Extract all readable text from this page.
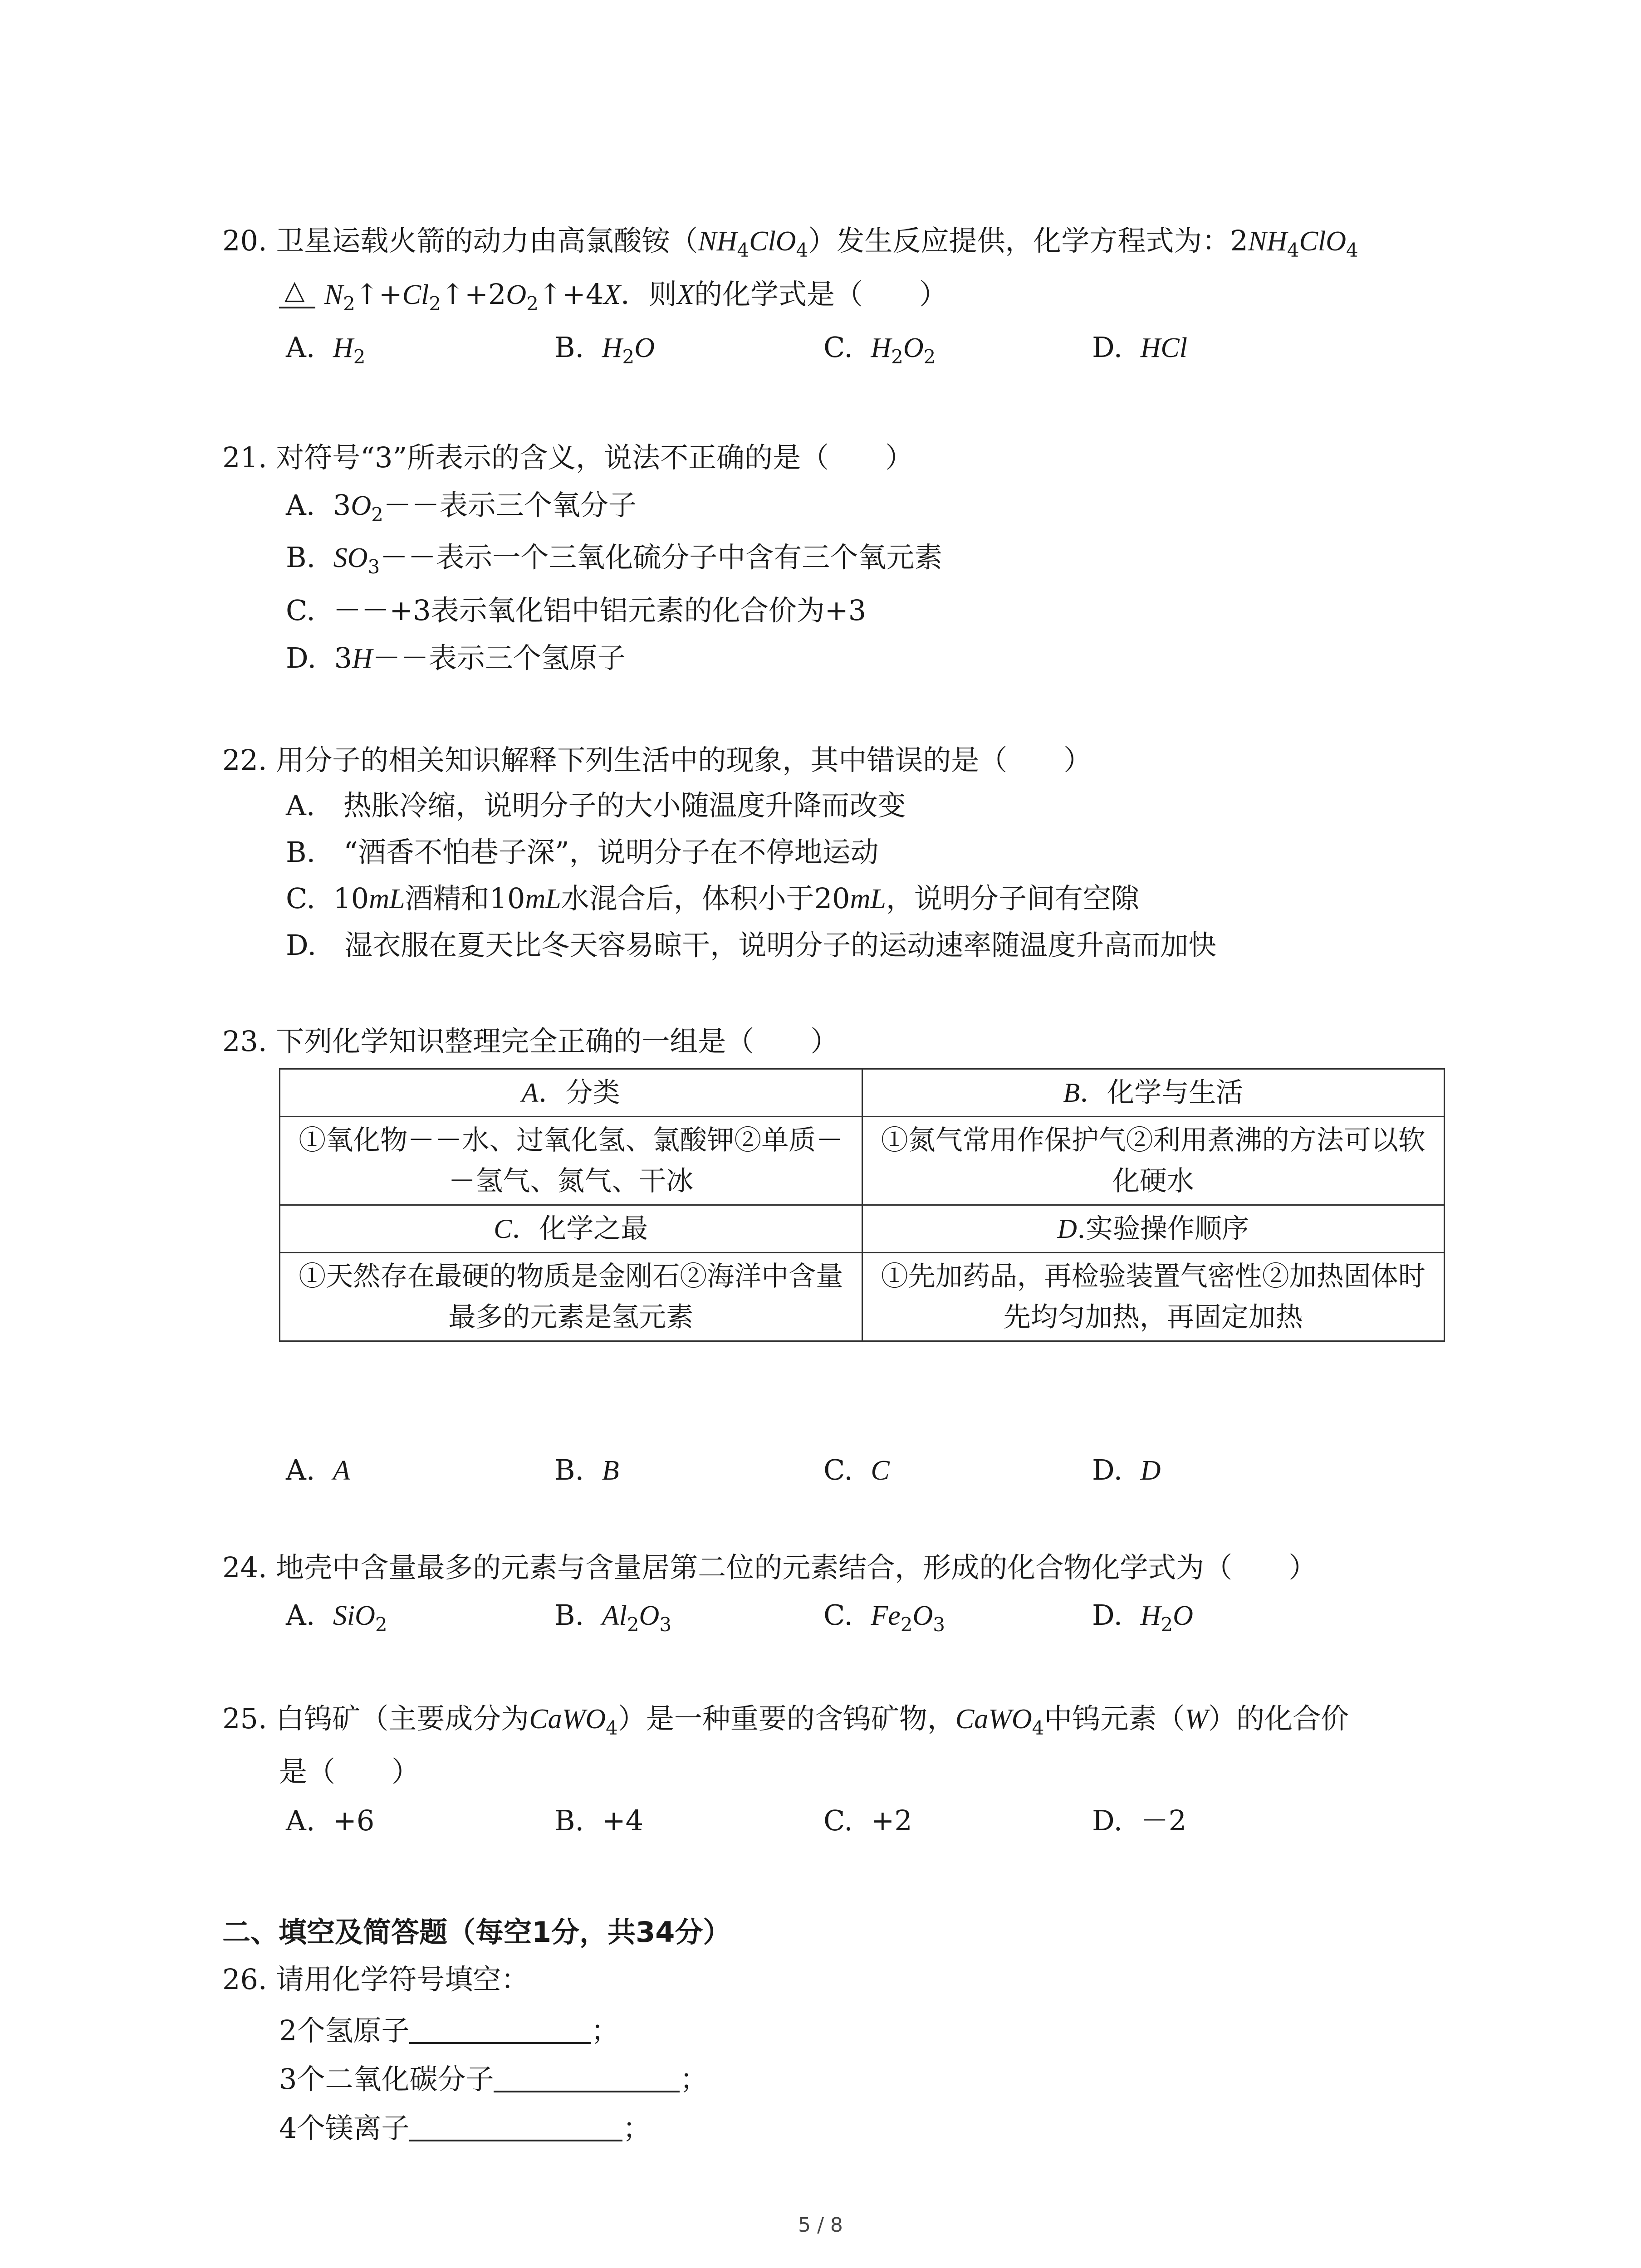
20. 卫星运载火箭的动力由高氯酸铵$(NH_4ClO_4)$发生反应提供，化学方程式为：$2NH_4ClO_4$
△ $N_2↑+Cl_2↑+2O_2↑+4X$．则X的化学式是（　　）
A. $H_2$	B. $H_2O$	C. $H_2O_2$	D. HCl
21. 对符号“3”所表示的含义，说法不正确的是（　　）
A. $3O_2--$表示三个氧分子
B. $SO_3--$表示一个三氧化硫分子中含有三个氧元素
C. －－+3表示氧化铝中铝元素的化合价为+3
D. 3H－－表示三个氢原子
22. 用分子的相关知识解释下列生活中的现象，其中错误的是（　　）
A.　热胀冷缩，说明分子的大小随温度升降而改变
B.　“酒香不怕巷子深”，说明分子在不停地运动
C. 10mL酒精和10mL水混合后，体积小于20mL，说明分子间有空隙
D.　湿衣服在夏天比冬天容易晾干，说明分子的运动速率随温度升高而加快
23. 下列化学知识整理完全正确的一组是（　　）
A．分类	B．化学与生活
①氧化物－－水、过氧化氢、氯酸钾②单质－－氢气、氮气、干冰	①氮气常用作保护气②利用煮沸的方法可以软化硬水
C．化学之最	D.实验操作顺序
①天然存在最硬的物质是金刚石②海洋中含量最多的元素是氢元素	①先加药品，再检验装置气密性②加热固体时先均匀加热，再固定加热
A. A	B. B	C. C	D. D
24. 地壳中含量最多的元素与含量居第二位的元素结合，形成的化合物化学式为（　　）
A. SiO$_2$	B. $Al_2O_3$	C. $Fe_2O_3$	D. $H_2O$
25. 白钨矿（主要成分为CaWO$_4$）是一种重要的含钨矿物，CaWO$_4$中钨元素（W）的化合价
是（　　）
A. +6	B. +4	C. +2	D. －2
二、填空及简答题（每空1分，共34分）
26. 请用化学符号填空：
2个氢原子	；
3个二氧化碳分子	；
4个镁离子	；
5 / 8
